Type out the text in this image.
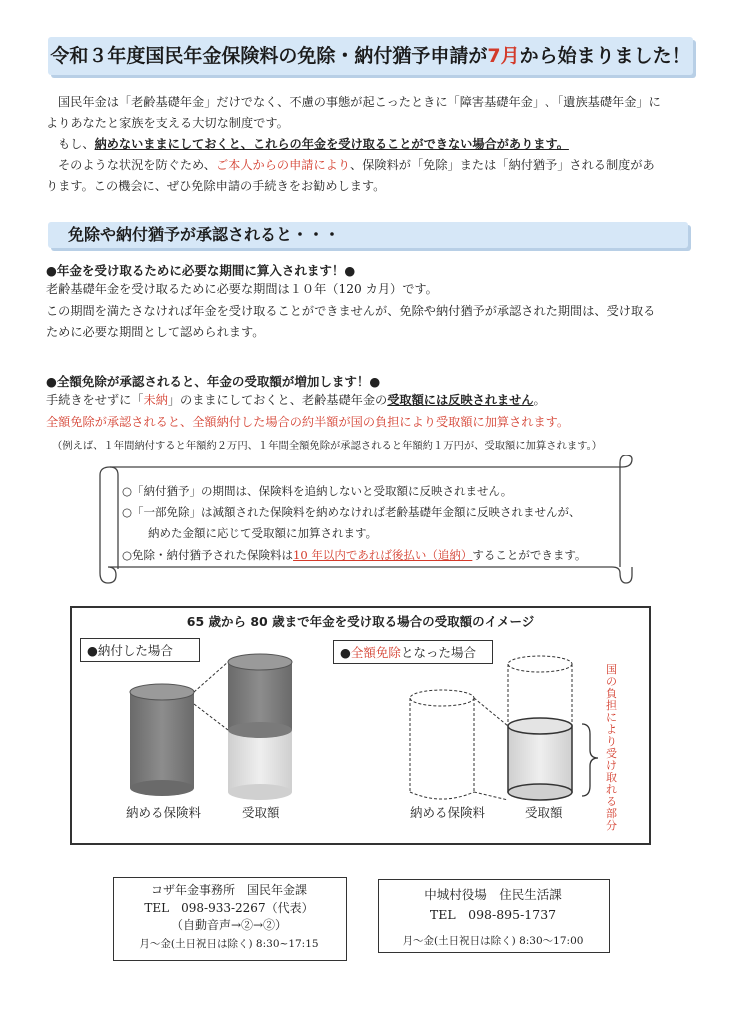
令和３年度国民年金保険料の免除・納付猶予申請が7月から始まりました！
国民年金は「老齢基礎年金」だけでなく、不慮の事態が起こったときに「障害基礎年金」､「遺族基礎年金」に
よりあなたと家族を支える大切な制度です。
もし、納めないままにしておくと、これらの年金を受け取ることができない場合があります。
そのような状況を防ぐため、ご本人からの申請により、保険料が「免除」または「納付猶予」される制度があ
ります。この機会に、ぜひ免除申請の手続きをお勧めします。
免除や納付猶予が承認されると・・・
●年金を受け取るために必要な期間に算入されます！●
老齢基礎年金を受け取るために必要な期間は１０年（120 カ月）です。
この期間を満たさなければ年金を受け取ることができませんが、免除や納付猶予が承認された期間は、受け取る
ために必要な期間として認められます。
●全額免除が承認されると、年金の受取額が増加します！●
手続きをせずに「未納」のままにしておくと、老齢基礎年金の受取額には反映されません。
全額免除が承認されると、全額納付した場合の約半額が国の負担により受取額に加算されます。
（例えば、１年間納付すると年額約２万円、１年間全額免除が承認されると年額約１万円が、受取額に加算されます。）
○「納付猶予」の期間は、保険料を追納しないと受取額に反映されません。
○「一部免除」は減額された保険料を納めなければ老齢基礎年金額に反映されませんが、
納めた金額に応じて受取額に加算されます。
○免除・納付猶予された保険料は10 年以内であれば後払い（追納）することができます。
65 歳から 80 歳まで年金を受け取る場合の受取額のイメージ
●納付した場合	●全額免除となった場合
納める保険料	受取額	納める保険料	受取額
国の負担により受け取れる部分
コザ年金事務所　国民年金課
TEL　098-933-2267（代表）
（自動音声→②→②）
月～金(土日祝日は除く) 8:30~17:15
中城村役場　住民生活課
TEL　098-895-1737
月～金(土日祝日は除く) 8:30～17:00
